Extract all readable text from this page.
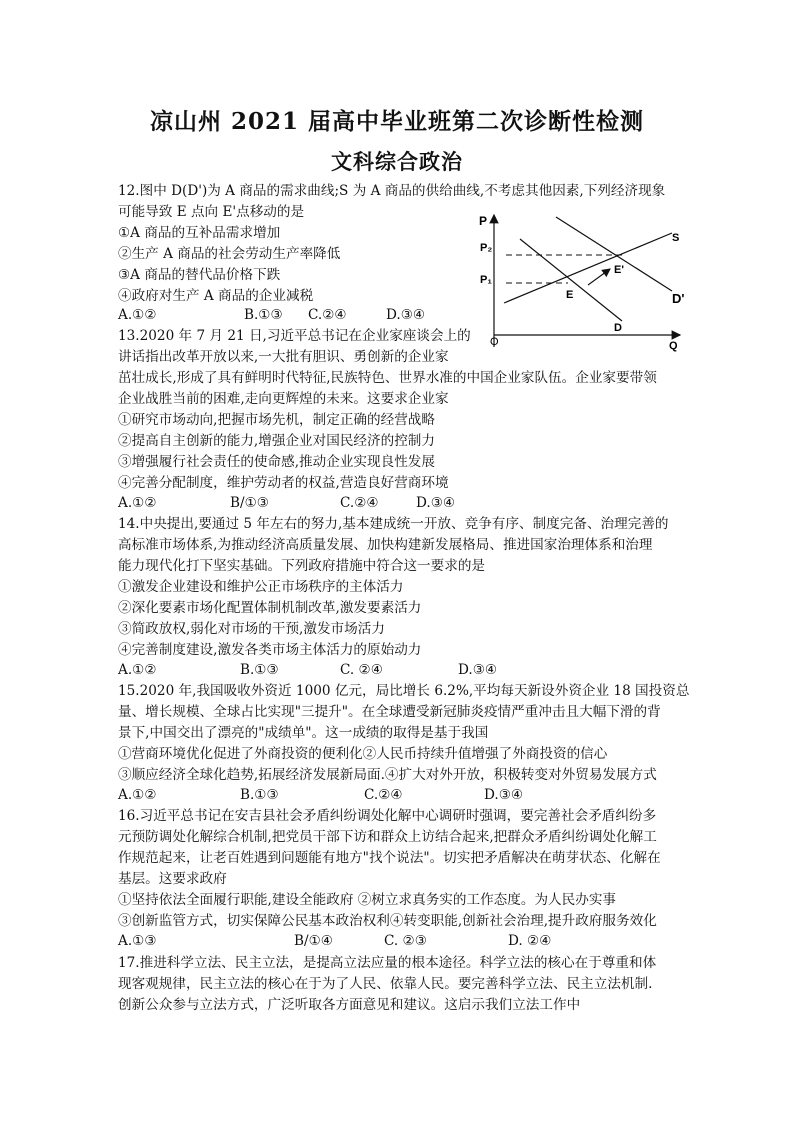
凉山州 2021 届高中毕业班第二次诊断性检测
文科综合政治

12.图中 D(D')为 A 商品的需求曲线;S 为 A 商品的供给曲线,不考虑其他因素,下列经济现象

可能导致 E 点向 E'点移动的是

①A 商品的互补品需求增加

②生产 A 商品的社会劳动生产率降低

③A 商品的替代品价格下跌

④政府对生产 A 商品的企业减税

A.①②	B.①③ C.②④	D.③④
P
Q
O
P₂
P₁
S
D
D'
E
E'

13.2020 年 7 月 21 日,习近平总书记在企业家座谈会上的

讲话指出改革开放以来,一大批有胆识、勇创新的企业家

茁壮成长,形成了具有鲜明时代特征,民族特色、世界水准的中国企业家队伍。企业家要带领

企业战胜当前的困难,走向更辉煌的未来。这要求企业家

①研究市场动向,把握市场先机，制定正确的经营战略

②提高自主创新的能力,增强企业对国民经济的控制力

③增强履行社会责任的使命感,推动企业实现良性发展

④完善分配制度，维护劳动者的权益,营造良好营商环境

A.①②	B/①③	C.②④	D.③④

14.中央提出,要通过 5 年左右的努力,基本建成统一开放、竞争有序、制度完备、治理完善的

高标准市场体系,为推动经济高质量发展、加快构建新发展格局、推进国家治理体系和治理

能力现代化打下坚实基础。下列政府措施中符合这一要求的是

①激发企业建设和维护公正市场秩序的主体活力

②深化要素市场化配置体制机制改革,激发要素活力

③简政放权,弱化对市场的干预,激发市场活力

④完善制度建设,激发各类市场主体活力的原始动力

A.①②	B.①③	C. ②④	D.③④

15.2020 年,我国吸收外资近 1000 亿元，局比增长 6.2%,平均每天新设外资企业 18 国投资总

量、增长规模、全球占比实现"三提升"。在全球遭受新冠肺炎疫情严重冲击且大幅下滑的背

景下,中国交出了漂亮的"成绩单"。这一成绩的取得是基于我国

①营商环境优化促进了外商投资的便利化②人民币持续升值增强了外商投资的信心

③顺应经济全球化趋势,拓展经济发展新局面.④扩大对外开放，积极转变对外贸易发展方式

A.①②	B.①③	C.②④	D.③④

16.习近平总书记在安吉县社会矛盾纠纷调处化解中心调研时强调，要完善社会矛盾纠纷多

元预防调处化解综合机制,把党员干部下访和群众上访结合起来,把群众矛盾纠纷调处化解工

作规范起来，让老百姓遇到问题能有地方"找个说法"。切实把矛盾解决在萌芽状态、化解在

基层。这要求政府

①坚持依法全面履行职能,建设全能政府 ②树立求真务实的工作态度。为人民办实事

③创新监管方式，切实保障公民基本政治权利④转变职能,创新社会治理,提升政府服务效化

A.①③	B/①④	C. ②③	D. ②④

17.推进科学立法、民主立法，是提高立法应量的根本途径。科学立法的核心在于尊重和体

现客观规律，民主立法的核心在于为了人民、依靠人民。要完善科学立法、民主立法机制.

创新公众参与立法方式，广泛听取各方面意见和建议。这启示我们立法工作中
